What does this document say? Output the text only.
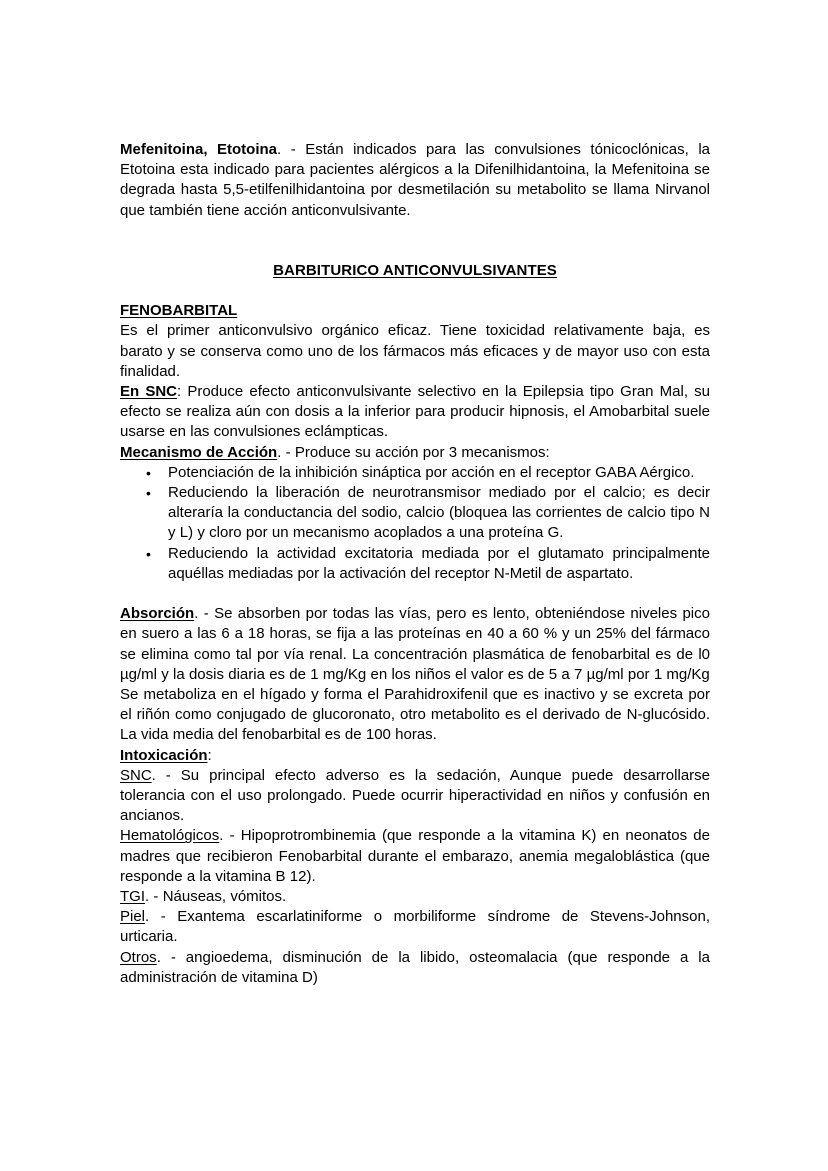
Mefenitoina, Etotoina. - Están indicados para las convulsiones tónicoclónicas, la Etotoina esta indicado para pacientes alérgicos a la Difenilhidantoina, la Mefenitoina se degrada hasta 5,5-etilfenilhidantoina por desmetilación su metabolito se llama Nirvanol que también tiene acción anticonvulsivante.

BARBITURICO ANTICONVULSIVANTES
FENOBARBITAL

Es el primer anticonvulsivo orgánico eficaz. Tiene toxicidad relativamente baja, es barato y se conserva como uno de los fármacos más eficaces y de mayor uso con esta finalidad.

En SNC: Produce efecto anticonvulsivante selectivo en la Epilepsia tipo Gran Mal, su efecto se realiza aún con dosis a la inferior para producir hipnosis, el Amobarbital suele usarse en las convulsiones eclámpticas.

Mecanismo de Acción. - Produce su acción por 3 mecanismos:

• Potenciación de la inhibición sináptica por acción en el receptor GABA Aérgico.
• Reduciendo la liberación de neurotransmisor mediado por el calcio; es decir alteraría la conductancia del sodio, calcio (bloquea las corrientes de calcio tipo N y L) y cloro por un mecanismo acoplados a una proteína G.
• Reduciendo la actividad excitatoria mediada por el glutamato principalmente aquéllas mediadas por la activación del receptor N-Metil de aspartato.

Absorción. - Se absorben por todas las vías, pero es lento, obteniéndose niveles pico en suero a las 6 a 18 horas, se fija a las proteínas en 40 a 60 % y un 25% del fármaco se elimina como tal por vía renal. La concentración plasmática de fenobarbital es de l0 µg/ml y la dosis diaria es de 1 mg/Kg en los niños el valor es de 5 a 7 µg/ml por 1 mg/Kg

Se metaboliza en el hígado y forma el Parahidroxifenil que es inactivo y se excreta por el riñón como conjugado de glucoronato, otro metabolito es el derivado de N-glucósido. La vida media del fenobarbital es de 100 horas.

Intoxicación:

SNC. - Su principal efecto adverso es la sedación, Aunque puede desarrollarse tolerancia con el uso prolongado. Puede ocurrir hiperactividad en niños y confusión en ancianos.

Hematológicos. - Hipoprotrombinemia (que responde a la vitamina K) en neonatos de madres que recibieron Fenobarbital durante el embarazo, anemia megaloblástica (que responde a la vitamina B 12).

TGI. - Náuseas, vómitos.

Piel. - Exantema escarlatiniforme o morbiliforme síndrome de Stevens-Johnson, urticaria.

Otros. - angioedema, disminución de la libido, osteomalacia (que responde a la administración de vitamina D)
